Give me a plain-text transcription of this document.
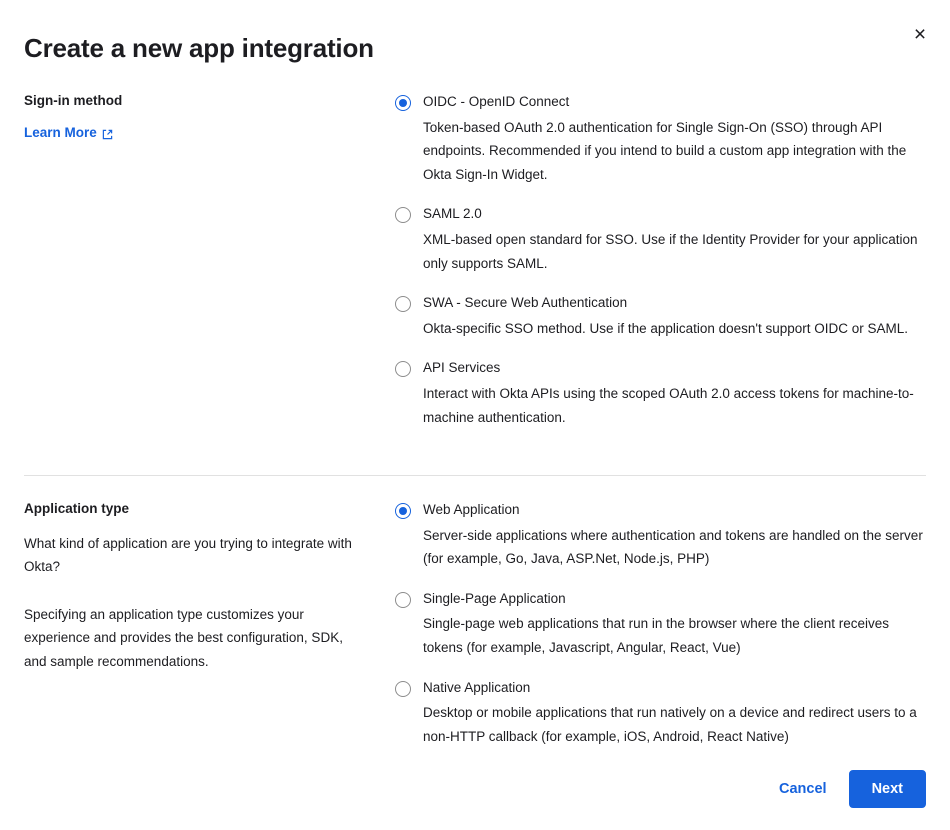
×
Create a new app integration

Sign-in method

Learn More
OIDC - OpenID Connect
Token-based OAuth 2.0 authentication for Single Sign-On (SSO) through API endpoints. Recommended if you intend to build a custom app integration with the Okta Sign-In Widget.
SAML 2.0
XML-based open standard for SSO. Use if the Identity Provider for your application only supports SAML.
SWA - Secure Web Authentication
Okta-specific SSO method. Use if the application doesn't support OIDC or SAML.
API Services
Interact with Okta APIs using the scoped OAuth 2.0 access tokens for machine-to-machine authentication.

Application type

What kind of application are you trying to integrate with Okta?

Specifying an application type customizes your experience and provides the best configuration, SDK, and sample recommendations.

Web Application
Server-side applications where authentication and tokens are handled on the server (for example, Go, Java, ASP.Net, Node.js, PHP)
Single-Page Application
Single-page web applications that run in the browser where the client receives tokens (for example, Javascript, Angular, React, Vue)
Native Application
Desktop or mobile applications that run natively on a device and redirect users to a non-HTTP callback (for example, iOS, Android, React Native)
Cancel	Next
